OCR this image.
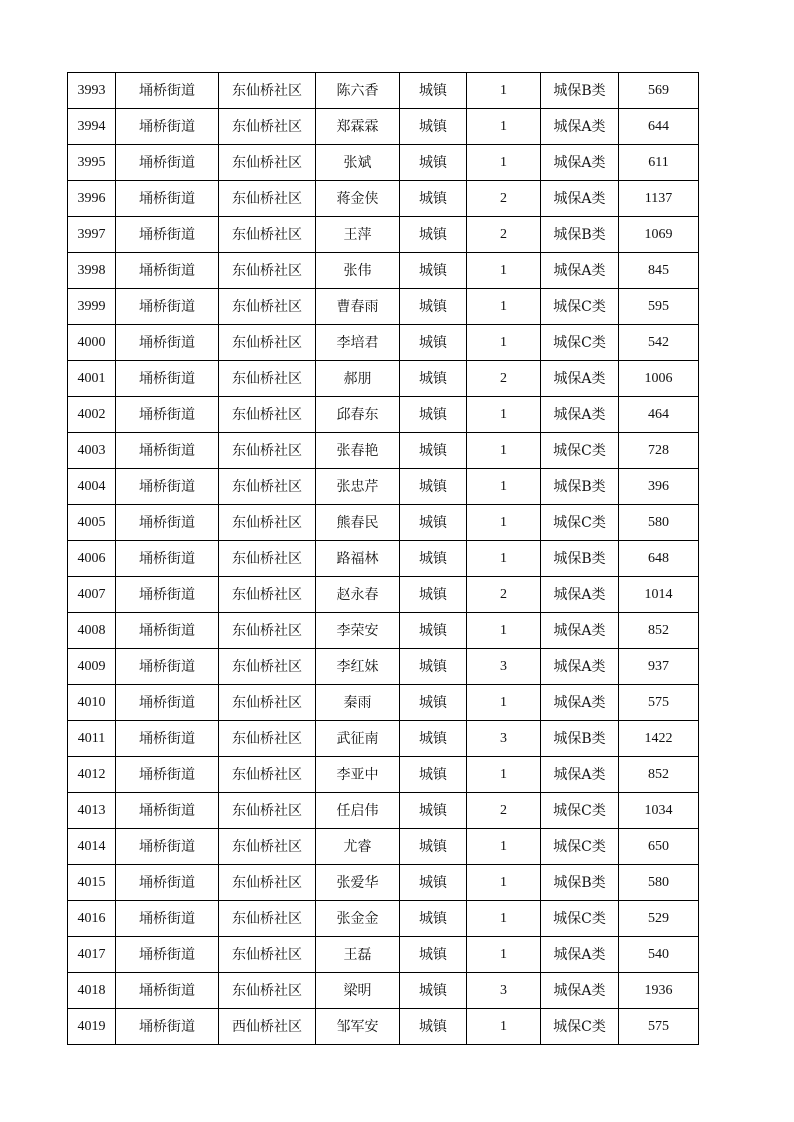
3993	埇桥街道	东仙桥社区	陈六香	城镇	1	城保B类	569
3994	埇桥街道	东仙桥社区	郑霖霖	城镇	1	城保A类	644
3995	埇桥街道	东仙桥社区	张斌	城镇	1	城保A类	611
3996	埇桥街道	东仙桥社区	蒋金侠	城镇	2	城保A类	1137
3997	埇桥街道	东仙桥社区	王萍	城镇	2	城保B类	1069
3998	埇桥街道	东仙桥社区	张伟	城镇	1	城保A类	845
3999	埇桥街道	东仙桥社区	曹春雨	城镇	1	城保C类	595
4000	埇桥街道	东仙桥社区	李培君	城镇	1	城保C类	542
4001	埇桥街道	东仙桥社区	郝朋	城镇	2	城保A类	1006
4002	埇桥街道	东仙桥社区	邱春东	城镇	1	城保A类	464
4003	埇桥街道	东仙桥社区	张春艳	城镇	1	城保C类	728
4004	埇桥街道	东仙桥社区	张忠芹	城镇	1	城保B类	396
4005	埇桥街道	东仙桥社区	熊春民	城镇	1	城保C类	580
4006	埇桥街道	东仙桥社区	路福林	城镇	1	城保B类	648
4007	埇桥街道	东仙桥社区	赵永春	城镇	2	城保A类	1014
4008	埇桥街道	东仙桥社区	李荣安	城镇	1	城保A类	852
4009	埇桥街道	东仙桥社区	李红妹	城镇	3	城保A类	937
4010	埇桥街道	东仙桥社区	秦雨	城镇	1	城保A类	575
4011	埇桥街道	东仙桥社区	武征南	城镇	3	城保B类	1422
4012	埇桥街道	东仙桥社区	李亚中	城镇	1	城保A类	852
4013	埇桥街道	东仙桥社区	任启伟	城镇	2	城保C类	1034
4014	埇桥街道	东仙桥社区	尤睿	城镇	1	城保C类	650
4015	埇桥街道	东仙桥社区	张爱华	城镇	1	城保B类	580
4016	埇桥街道	东仙桥社区	张金金	城镇	1	城保C类	529
4017	埇桥街道	东仙桥社区	王磊	城镇	1	城保A类	540
4018	埇桥街道	东仙桥社区	梁明	城镇	3	城保A类	1936
4019	埇桥街道	西仙桥社区	邹军安	城镇	1	城保C类	575
